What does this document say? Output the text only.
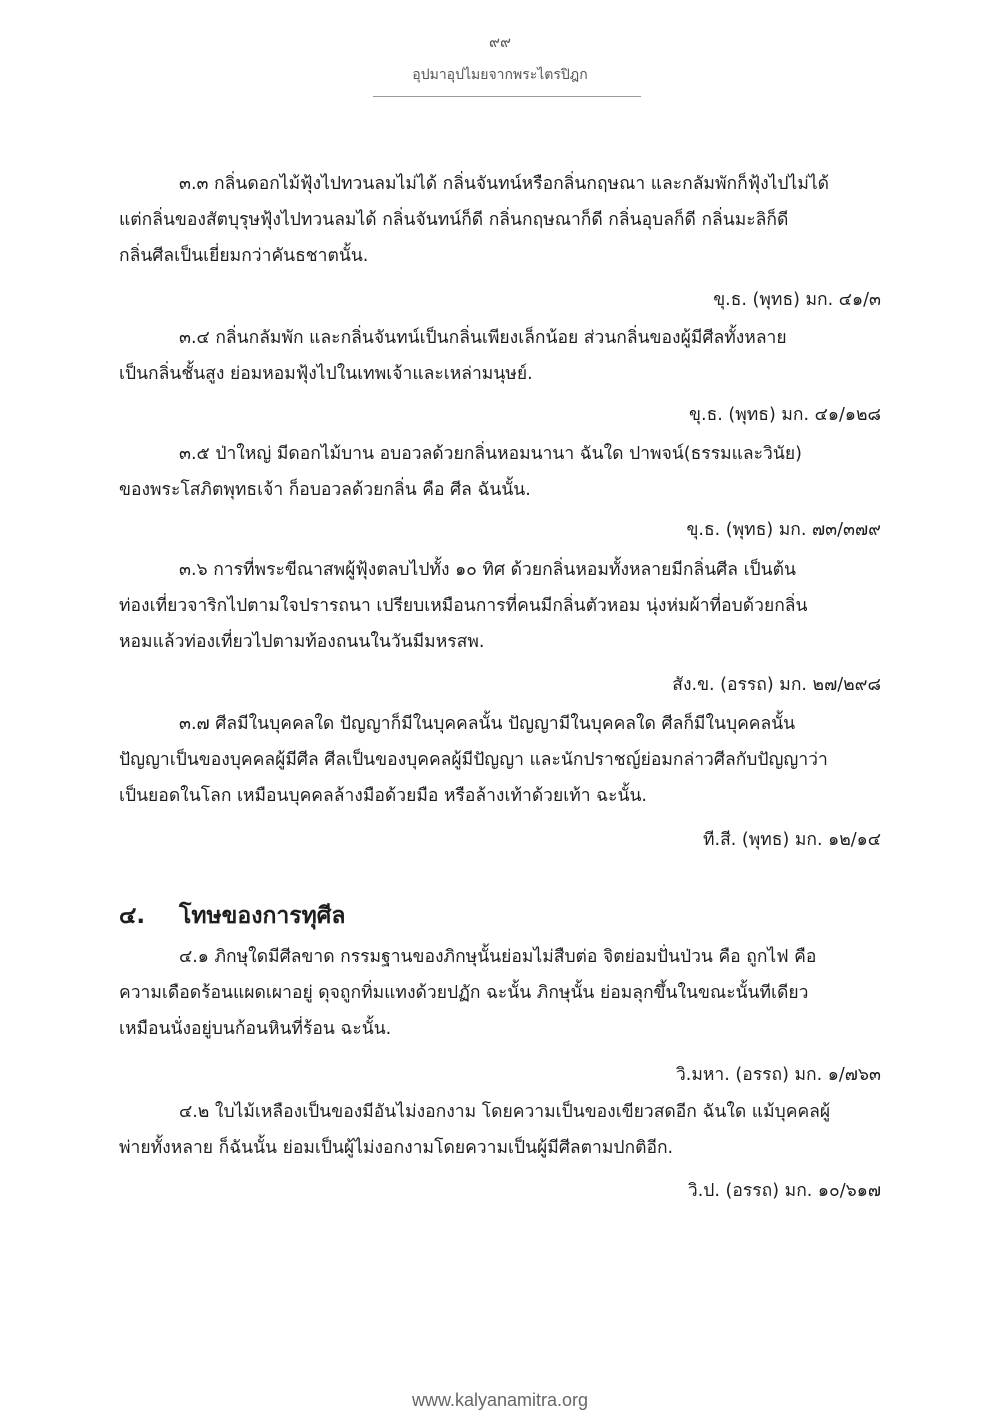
๙๙
อุปมาอุปไมยจากพระไตรปิฎก
๓.๓ กลิ่นดอกไม้ฟุ้งไปทวนลมไม่ได้ กลิ่นจันทน์หรือกลิ่นกฤษณา และกลัมพักก็ฟุ้งไปไม่ได้
แต่กลิ่นของสัตบุรุษฟุ้งไปทวนลมได้ กลิ่นจันทน์ก็ดี กลิ่นกฤษณาก็ดี กลิ่นอุบลก็ดี กลิ่นมะลิก็ดี
กลิ่นศีลเป็นเยี่ยมกว่าคันธชาตนั้น.
ขุ.ธ. (พุทธ) มก. ๔๑/๓
๓.๔ กลิ่นกลัมพัก และกลิ่นจันทน์เป็นกลิ่นเพียงเล็กน้อย ส่วนกลิ่นของผู้มีศีลทั้งหลาย
เป็นกลิ่นชั้นสูง ย่อมหอมฟุ้งไปในเทพเจ้าและเหล่ามนุษย์.
ขุ.ธ. (พุทธ) มก. ๔๑/๑๒๘
๓.๕ ป่าใหญ่ มีดอกไม้บาน อบอวลด้วยกลิ่นหอมนานา ฉันใด ปาพจน์(ธรรมและวินัย)
ของพระโสภิตพุทธเจ้า ก็อบอวลด้วยกลิ่น คือ ศีล ฉันนั้น.
ขุ.ธ. (พุทธ) มก. ๗๓/๓๗๙
๓.๖ การที่พระขีณาสพผู้ฟุ้งตลบไปทั้ง ๑๐ ทิศ ด้วยกลิ่นหอมทั้งหลายมีกลิ่นศีล เป็นต้น
ท่องเที่ยวจาริกไปตามใจปรารถนา เปรียบเหมือนการที่คนมีกลิ่นตัวหอม นุ่งห่มผ้าที่อบด้วยกลิ่น
หอมแล้วท่องเที่ยวไปตามท้องถนนในวันมีมหรสพ.
สัง.ข. (อรรถ) มก. ๒๗/๒๙๘
๓.๗ ศีลมีในบุคคลใด ปัญญาก็มีในบุคคลนั้น ปัญญามีในบุคคลใด ศีลก็มีในบุคคลนั้น
ปัญญาเป็นของบุคคลผู้มีศีล ศีลเป็นของบุคคลผู้มีปัญญา และนักปราชญ์ย่อมกล่าวศีลกับปัญญาว่า
เป็นยอดในโลก เหมือนบุคคลล้างมือด้วยมือ หรือล้างเท้าด้วยเท้า ฉะนั้น.
ที.สี. (พุทธ) มก. ๑๒/๑๔
๔. โทษของการทุศีล
๔.๑ ภิกษุใดมีศีลขาด กรรมฐานของภิกษุนั้นย่อมไม่สืบต่อ จิตย่อมปั่นป่วน คือ ถูกไฟ คือ
ความเดือดร้อนแผดเผาอยู่ ดุจถูกทิ่มแทงด้วยปฏัก ฉะนั้น ภิกษุนั้น ย่อมลุกขึ้นในขณะนั้นทีเดียว
เหมือนนั่งอยู่บนก้อนหินที่ร้อน ฉะนั้น.
วิ.มหา. (อรรถ) มก. ๑/๗๖๓
๔.๒ ใบไม้เหลืองเป็นของมีอันไม่งอกงาม โดยความเป็นของเขียวสดอีก ฉันใด แม้บุคคลผู้
พ่ายทั้งหลาย ก็ฉันนั้น ย่อมเป็นผู้ไม่งอกงามโดยความเป็นผู้มีศีลตามปกติอีก.
วิ.ป. (อรรถ) มก. ๑๐/๖๑๗
www.kalyanamitra.org
